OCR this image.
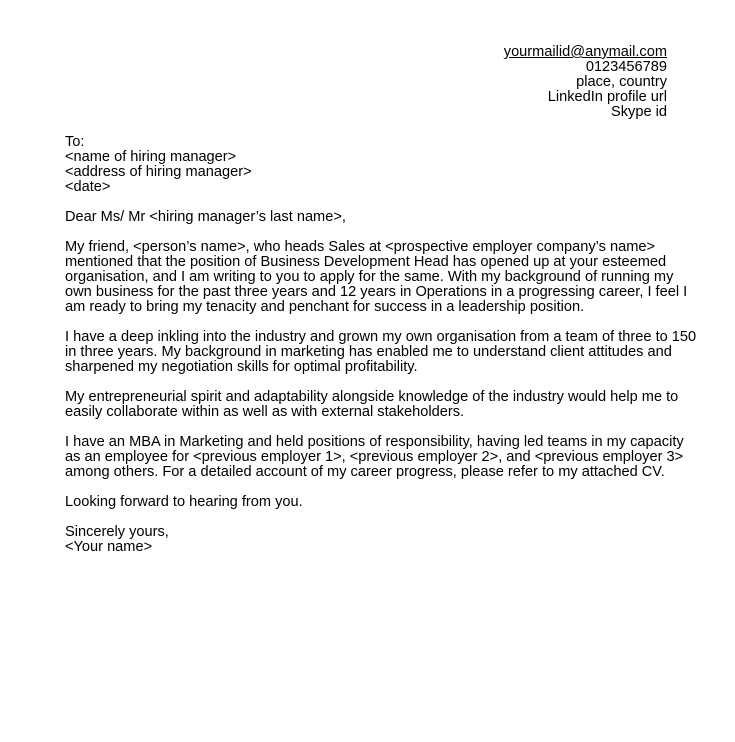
yourmailid@anymail.com
0123456789
place, country
LinkedIn profile url
Skype id
To:
<name of hiring manager>
<address of hiring manager>
<date>
Dear Ms/ Mr <hiring manager’s last name>,
My friend, <person’s name>, who heads Sales at <prospective employer company’s name>
mentioned that the position of Business Development Head has opened up at your esteemed
organisation, and I am writing to you to apply for the same. With my background of running my
own business for the past three years and 12 years in Operations in a progressing career, I feel I
am ready to bring my tenacity and penchant for success in a leadership position.
I have a deep inkling into the industry and grown my own organisation from a team of three to 150
in three years. My background in marketing has enabled me to understand client attitudes and
sharpened my negotiation skills for optimal profitability.
My entrepreneurial spirit and adaptability alongside knowledge of the industry would help me to
easily collaborate within as well as with external stakeholders.
I have an MBA in Marketing and held positions of responsibility, having led teams in my capacity
as an employee for <previous employer 1>, <previous employer 2>, and <previous employer 3>
among others. For a detailed account of my career progress, please refer to my attached CV.
Looking forward to hearing from you.
Sincerely yours,
<Your name>
